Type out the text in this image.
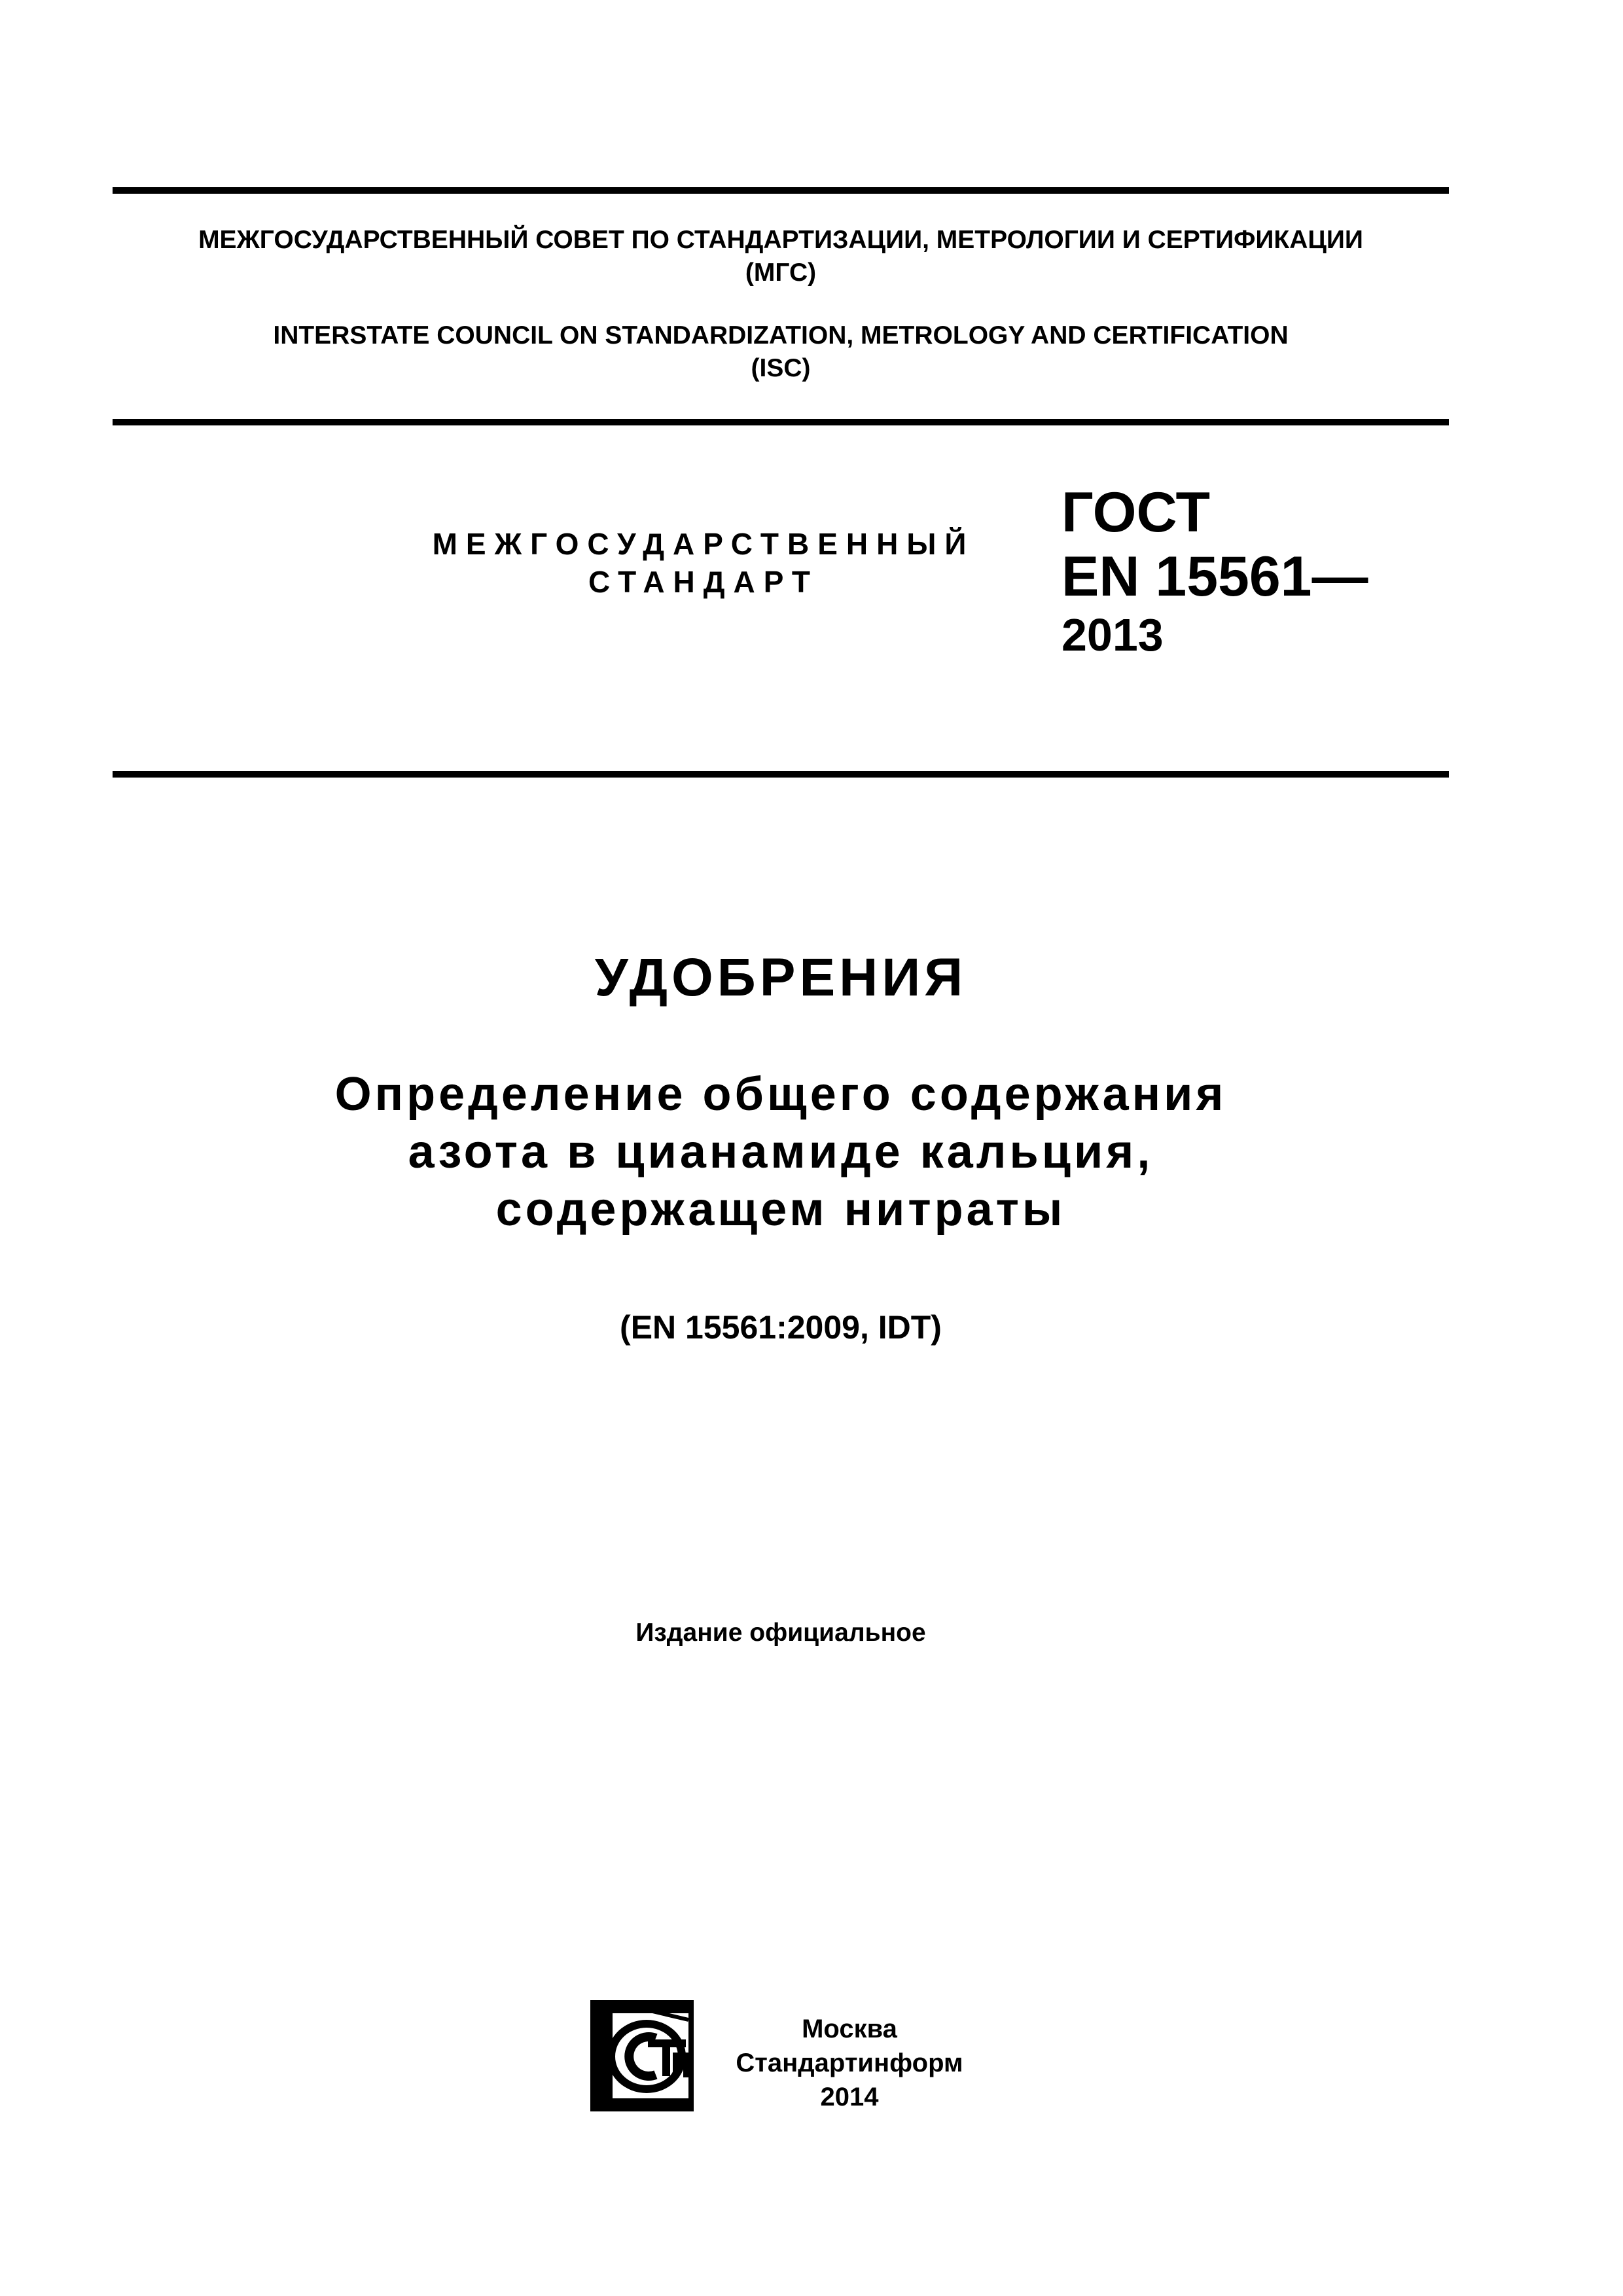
МЕЖГОСУДАРСТВЕННЫЙ СОВЕТ ПО СТАНДАРТИЗАЦИИ, МЕТРОЛОГИИ И СЕРТИФИКАЦИИ
(МГС)
INTERSTATE COUNCIL ON STANDARDIZATION, METROLOGY AND CERTIFICATION
(ISC)
МЕЖГОСУДАРСТВЕННЫЙ
СТАНДАРТ
ГОСТ
EN 15561—
2013
УДОБРЕНИЯ
Определение общего содержания
азота в цианамиде кальция,
содержащем нитраты
(EN 15561:2009, IDT)
Издание официальное
Москва
Стандартинформ
2014
